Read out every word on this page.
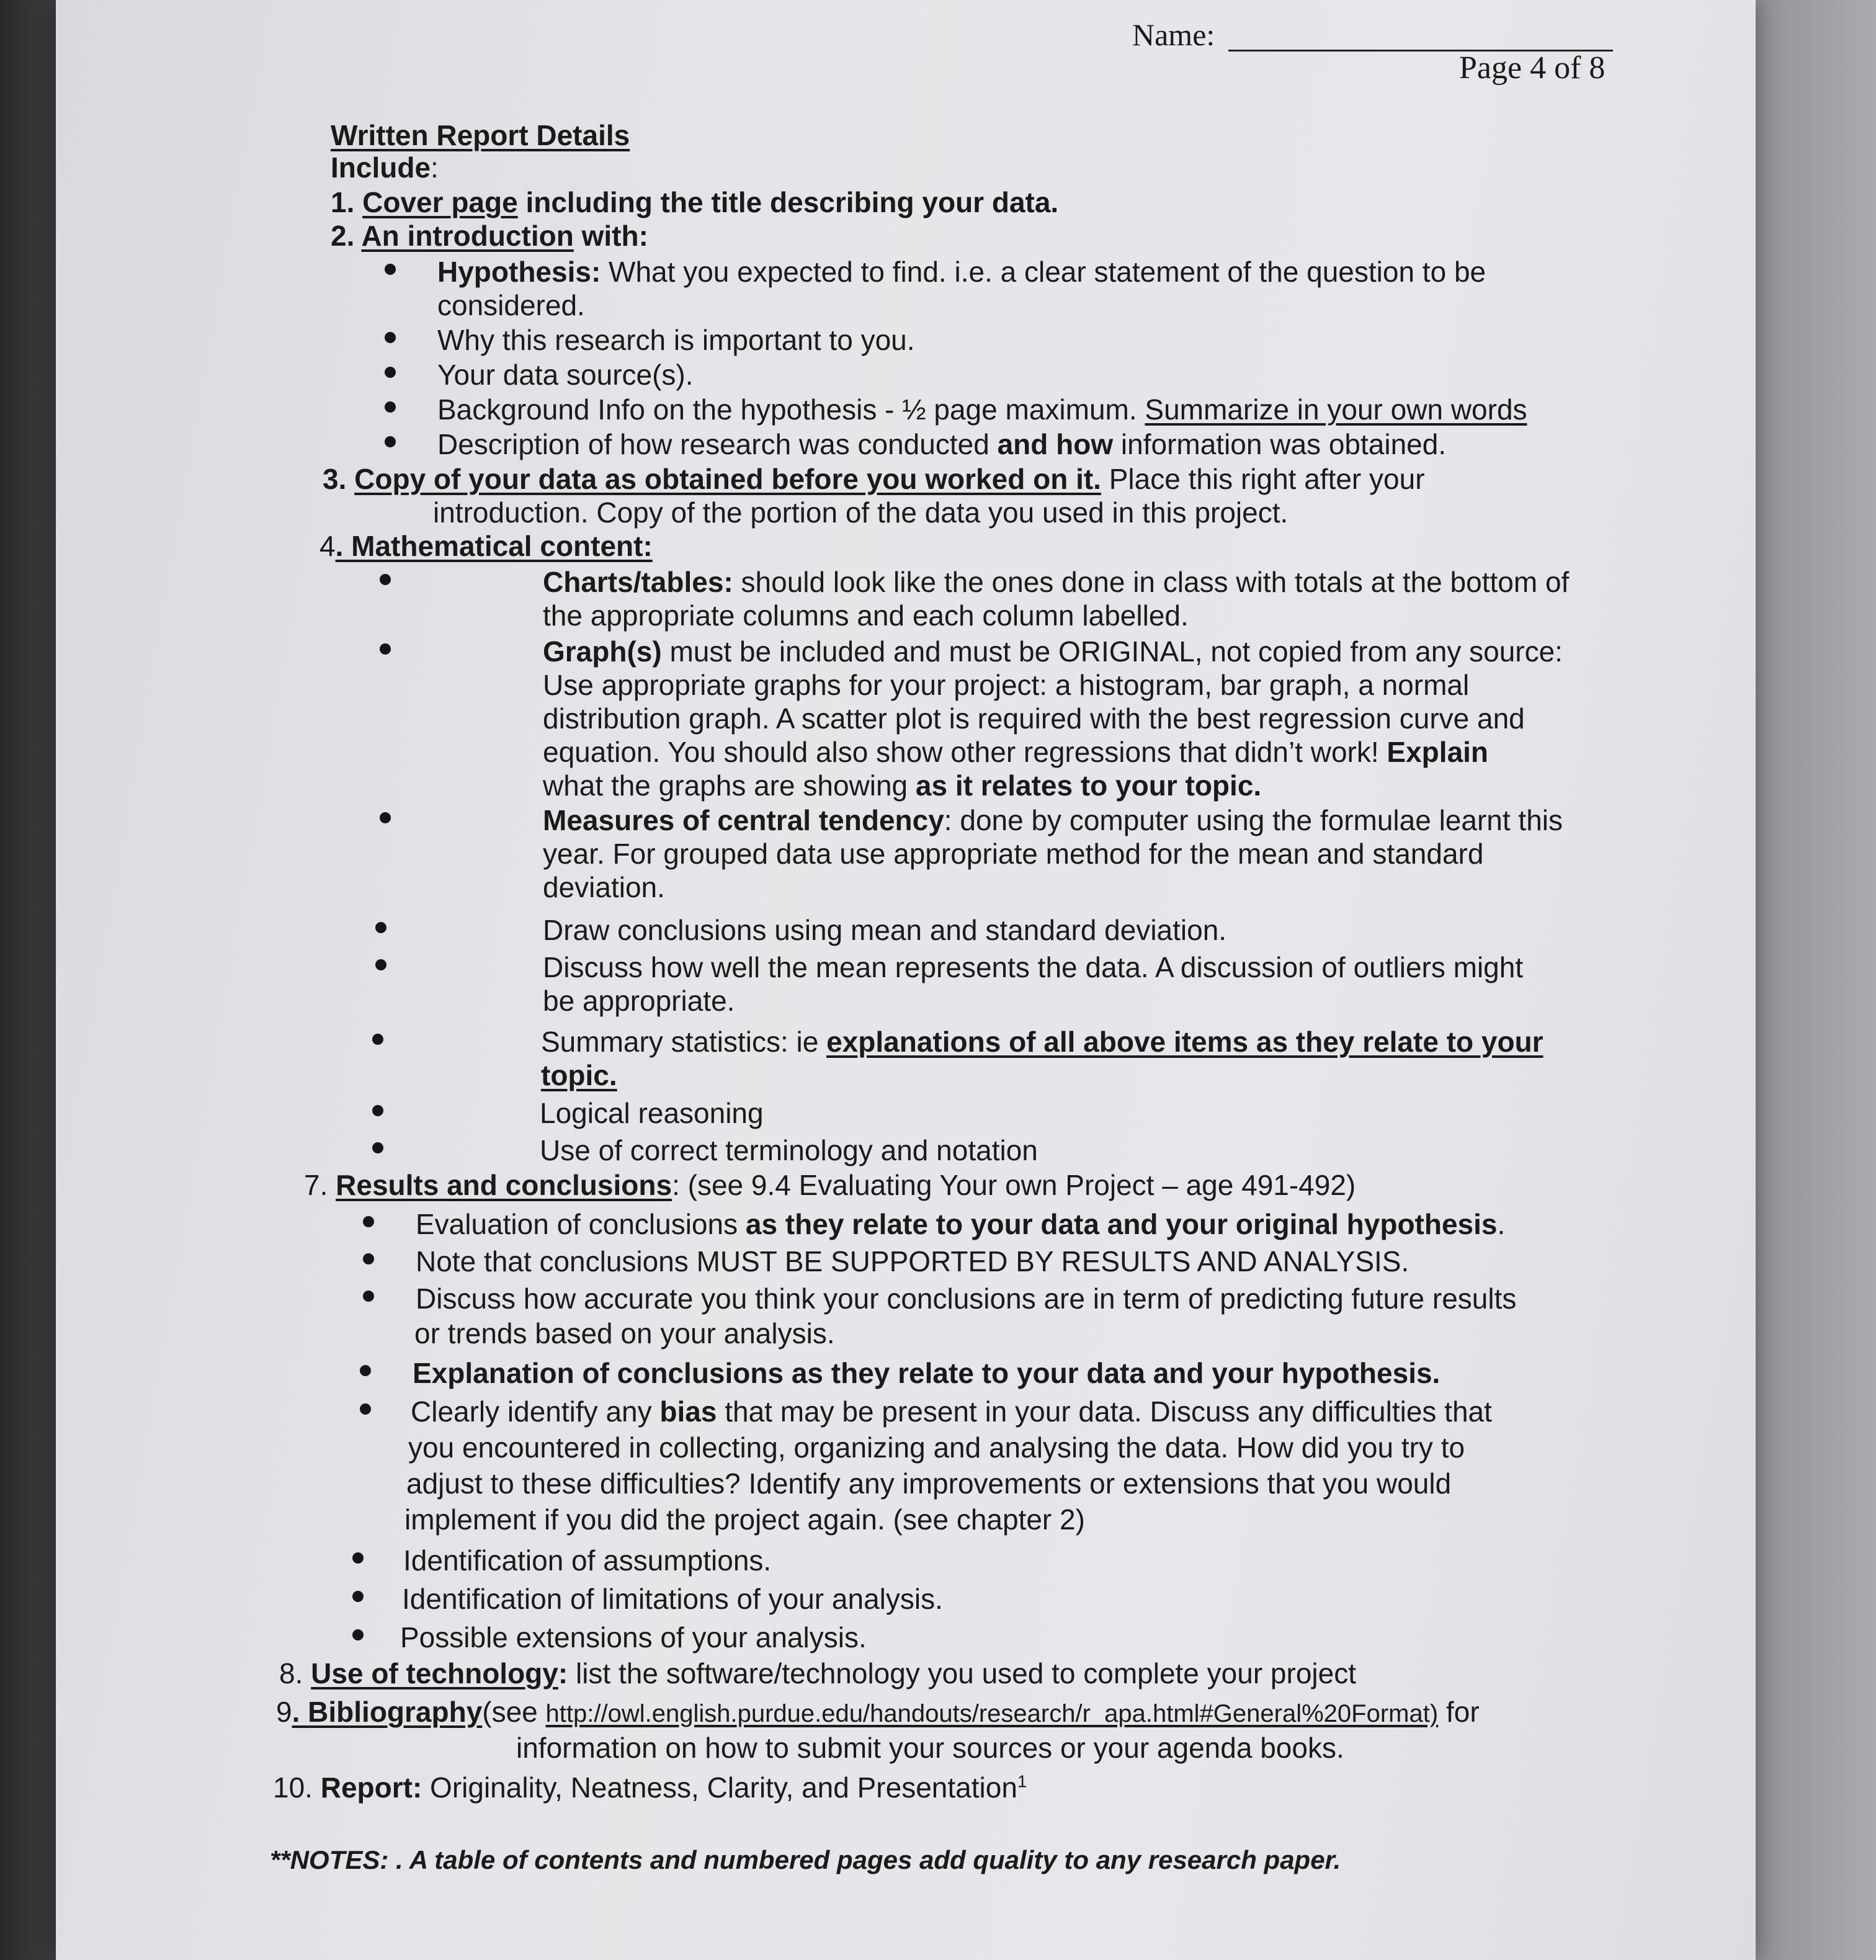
Name:
Page 4 of 8
Written Report Details
Include:
1. Cover page including the title describing your data.
2. An introduction with:
Hypothesis: What you expected to find. i.e. a clear statement of the question to be
considered.
Why this research is important to you.
Your data source(s).
Background Info on the hypothesis - ½ page maximum. Summarize in your own words
Description of how research was conducted and how information was obtained.
3. Copy of your data as obtained before you worked on it. Place this right after your
introduction. Copy of the portion of the data you used in this project.
4. Mathematical content:
Charts/tables: should look like the ones done in class with totals at the bottom of
the appropriate columns and each column labelled.
Graph(s) must be included and must be ORIGINAL, not copied from any source:
Use appropriate graphs for your project: a histogram, bar graph, a normal
distribution graph. A scatter plot is required with the best regression curve and
equation. You should also show other regressions that didn’t work! Explain
what the graphs are showing as it relates to your topic.
Measures of central tendency: done by computer using the formulae learnt this
year. For grouped data use appropriate method for the mean and standard
deviation.
Draw conclusions using mean and standard deviation.
Discuss how well the mean represents the data. A discussion of outliers might
be appropriate.
Summary statistics: ie explanations of all above items as they relate to your
topic.
Logical reasoning
Use of correct terminology and notation
7. Results and conclusions: (see 9.4 Evaluating Your own Project – age 491-492)
Evaluation of conclusions as they relate to your data and your original hypothesis.
Note that conclusions MUST BE SUPPORTED BY RESULTS AND ANALYSIS.
Discuss how accurate you think your conclusions are in term of predicting future results
or trends based on your analysis.
Explanation of conclusions as they relate to your data and your hypothesis.
Clearly identify any bias that may be present in your data. Discuss any difficulties that
you encountered in collecting, organizing and analysing the data. How did you try to
adjust to these difficulties? Identify any improvements or extensions that you would
implement if you did the project again. (see chapter 2)
Identification of assumptions.
Identification of limitations of your analysis.
Possible extensions of your analysis.
8. Use of technology: list the software/technology you used to complete your project
9. Bibliography(see http://owl.english.purdue.edu/handouts/research/r_apa.html#General%20Format) for
information on how to submit your sources or your agenda books.
10. Report: Originality, Neatness, Clarity, and Presentation$^1$
**NOTES: . A table of contents and numbered pages add quality to any research paper.
